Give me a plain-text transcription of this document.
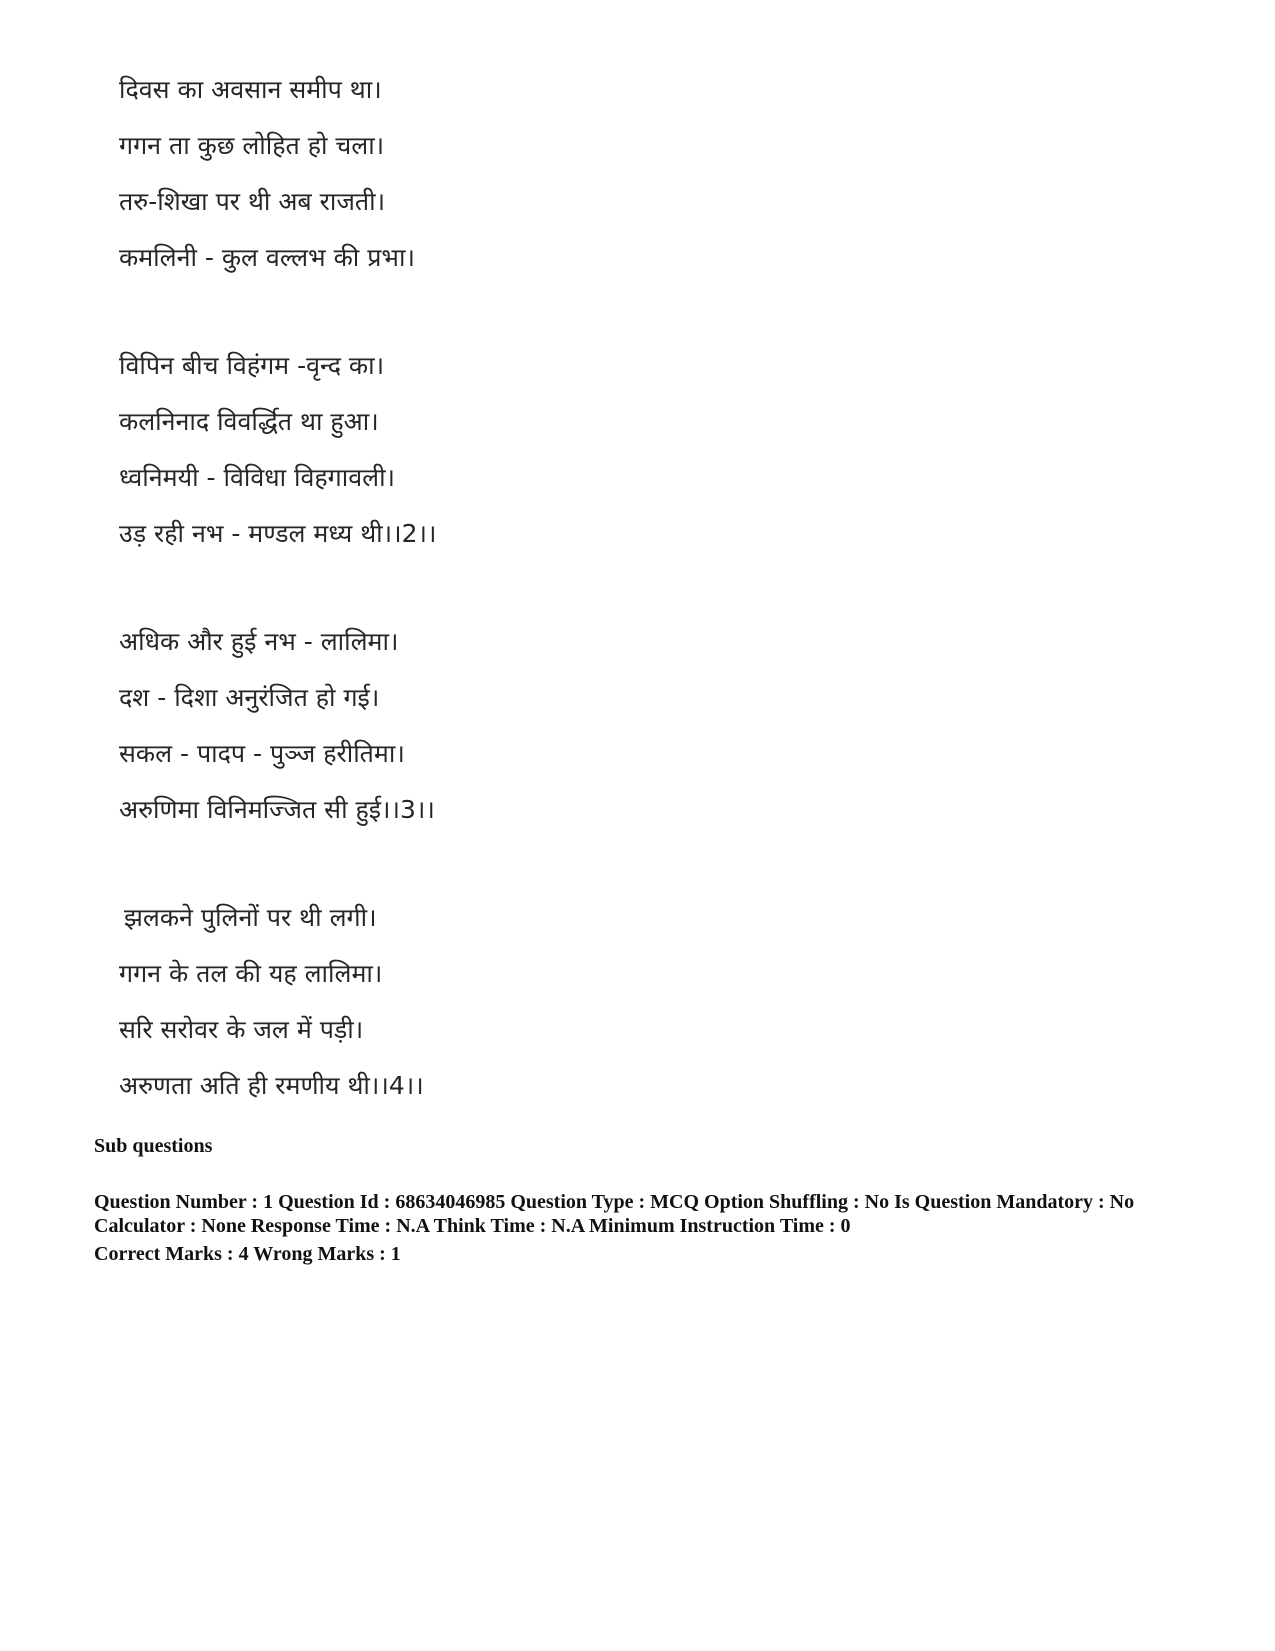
दिवस का अवसान समीप था।
गगन ता कुछ लोहित हो चला।
तरु-शिखा पर थी अब राजती।
कमलिनी - कुल वल्लभ की प्रभा।
विपिन बीच विहंगम -वृन्द का।
कलनिनाद विवर्द्धित था हुआ।
ध्वनिमयी - विविधा विहगावली।
उड़ रही नभ - मण्डल मध्य थी।।2।।
अधिक और हुई नभ - लालिमा।
दश - दिशा अनुरंजित हो गई।
सकल - पादप - पुञ्ज हरीतिमा।
अरुणिमा विनिमज्जित सी हुई।।3।।
झलकने पुलिनों पर थी लगी।
गगन के तल की यह लालिमा।
सरि सरोवर के जल में पड़ी।
अरुणता अति ही रमणीय थी।।4।।

Sub questions

Question Number : 1 Question Id : 68634046985 Question Type : MCQ Option Shuffling : No Is Question Mandatory : No Calculator : None Response Time : N.A Think Time : N.A Minimum Instruction Time : 0

Correct Marks : 4 Wrong Marks : 1
